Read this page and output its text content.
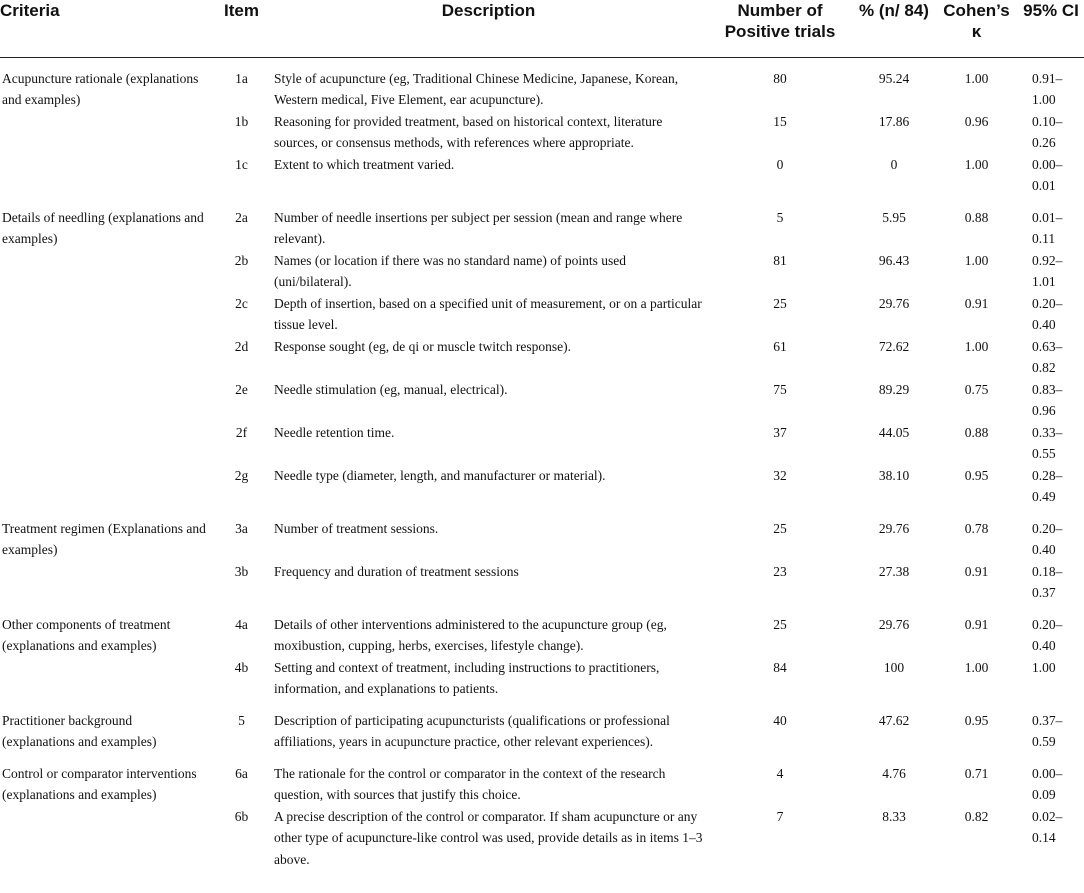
Criteria	Item	Description	Number of Positive trials	% (n/ 84)	Cohen’s κ	95% CI
Acupuncture rationale (explanations and examples)	1a	Style of acupuncture (eg, Traditional Chinese Medicine, Japanese, Korean, Western medical, Five Element, ear acupuncture).	80	95.24	1.00	0.91– 1.00
	1b	Reasoning for provided treatment, based on historical context, literature sources, or consensus methods, with references where appropriate.	15	17.86	0.96	0.10– 0.26
	1c	Extent to which treatment varied.	0	0	1.00	0.00– 0.01
Details of needling (explanations and examples)	2a	Number of needle insertions per subject per session (mean and range where relevant).	5	5.95	0.88	0.01– 0.11
	2b	Names (or location if there was no standard name) of points used (uni/bilateral).	81	96.43	1.00	0.92– 1.01
	2c	Depth of insertion, based on a specified unit of measurement, or on a particular tissue level.	25	29.76	0.91	0.20– 0.40
	2d	Response sought (eg, de qi or muscle twitch response).	61	72.62	1.00	0.63– 0.82
	2e	Needle stimulation (eg, manual, electrical).	75	89.29	0.75	0.83– 0.96
	2f	Needle retention time.	37	44.05	0.88	0.33– 0.55
	2g	Needle type (diameter, length, and manufacturer or material).	32	38.10	0.95	0.28– 0.49
Treatment regimen (Explanations and examples)	3a	Number of treatment sessions.	25	29.76	0.78	0.20– 0.40
	3b	Frequency and duration of treatment sessions	23	27.38	0.91	0.18– 0.37
Other components of treatment (explanations and examples)	4a	Details of other interventions administered to the acupuncture group (eg, moxibustion, cupping, herbs, exercises, lifestyle change).	25	29.76	0.91	0.20– 0.40
	4b	Setting and context of treatment, including instructions to practitioners, information, and explanations to patients.	84	100	1.00	1.00
Practitioner background (explanations and examples)	5	Description of participating acupuncturists (qualifications or professional affiliations, years in acupuncture practice, other relevant experiences).	40	47.62	0.95	0.37– 0.59
Control or comparator interventions (explanations and examples)	6a	The rationale for the control or comparator in the context of the research question, with sources that justify this choice.	4	4.76	0.71	0.00– 0.09
	6b	A precise description of the control or comparator. If sham acupuncture or any other type of acupuncture-like control was used, provide details as in items 1–3 above.	7	8.33	0.82	0.02– 0.14
